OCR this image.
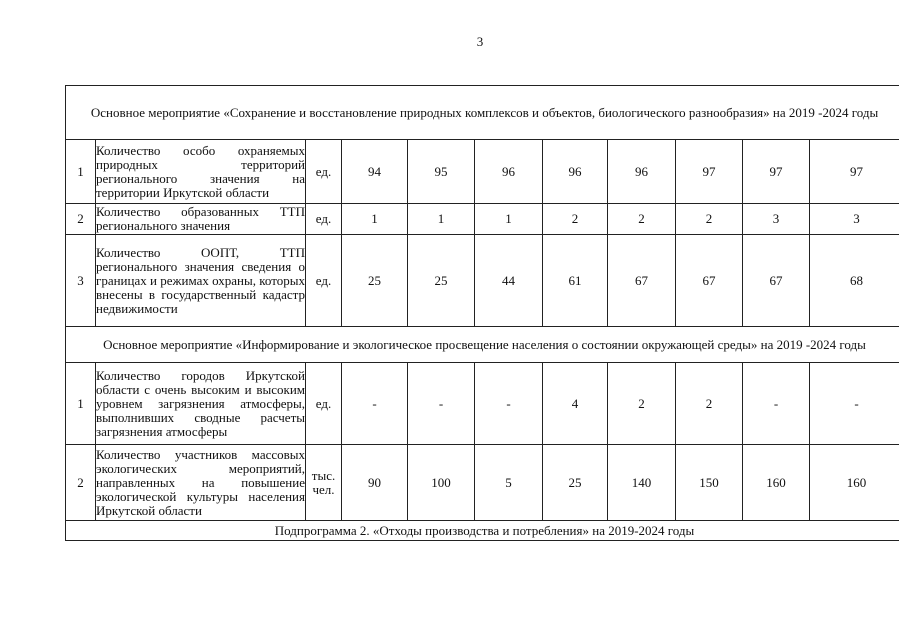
3
Основное мероприятие «Сохранение и восстановление природных комплексов и объектов, биологического разнообразия» на 2019 -2024 годы										
1	Количество особо охраняемых природных территорий регионального значения на территории Иркутской области	ед.	94	95	96	96	96	97	97	97
2	Количество образованных ТТП регионального значения	ед.	1	1	1	2	2	2	3	3
3	Количество ООПТ, ТТП регионального значения сведения о границах и режимах охраны, которых внесены в государственный кадастр недвижимости	ед.	25	25	44	61	67	67	67	68
Основное мероприятие «Информирование и экологическое просвещение населения о состоянии окружающей среды» на 2019 -2024 годы										
1	Количество городов Иркутской области с очень высоким и высоким уровнем загрязнения атмосферы, выполнивших сводные расчеты загрязнения атмосферы	ед.	-	-	-	4	2	2	-	-
2	Количество участников массовых экологических мероприятий, направленных на повышение экологической культуры населения Иркутской области	тыс. чел.	90	100	5	25	140	150	160	160
Подпрограмма 2. «Отходы производства и потребления» на 2019-2024 годы										
